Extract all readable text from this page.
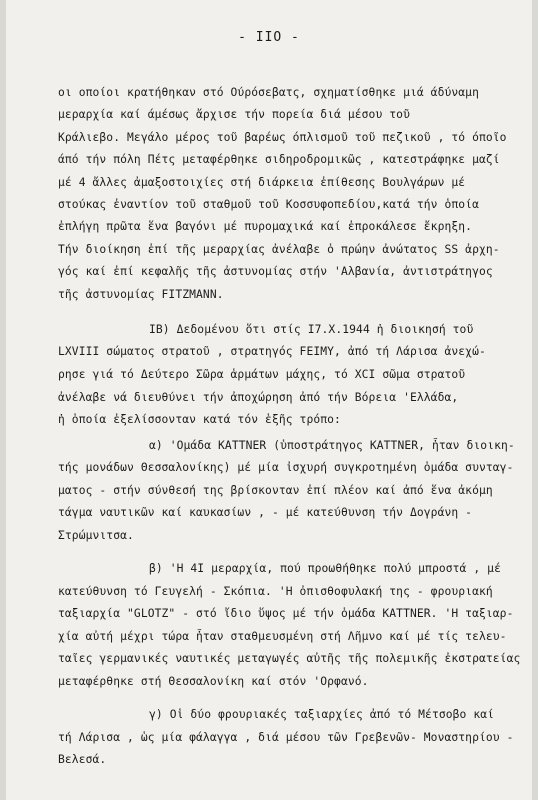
- IIO -
οι οποίοι κρατήθηκαν στό Ούρόσεβατς, σχηματίσθηκε μιά άδύναμη
μεραρχία καί άμέσως ἄρχισε τήν πορεία διά μέσου τοῦ
Κράλιεβο. Μεγάλο μέρος τοῦ βαρέως όπλισμοῦ τοῦ πεζικοῦ , τό όποῖο
άπό τήν πόλη Πέτς μεταφέρθηκε σιδηροδρομικῶς , κατεστράφηκε μαζί
μέ 4 ἄλλες ἀμαξοστοιχίες στή διάρκεια ἐπίθεσης Βουλγάρων μέ
στούκας ἐναντίον τοῦ σταθμοῦ τοῦ Κοσσυφοπεδίου,κατά τήν ὁποία
ἐπλήγη πρῶτα ἕνα βαγόνι μέ πυρομαχικά καί ἐπροκάλεσε ἔκρηξη.
Τήν διοίκηση ἐπί τῆς μεραρχίας ἀνέλαβε ὁ πρώην ἀνώτατος SS ἀρχη-
γός καί ἐπί κεφαλῆς τῆς ἀστυνομίας στήν 'Αλβανία, ἀντιστράτηγος
τῆς ἀστυνομίας FITZMANN.
IB) Δεδομένου ὅτι στίς I7.X.1944 ἡ διοικησή τοῦ
LXVIII σώματος στρατοῦ , στρατηγός FEIMY, ἀπό τή Λάρισα ἀνεχώ-
ρησε γιά τό Δεύτερο Σῶρα ἁρμάτων μάχης, τό XCI σῶμα στρατοῦ
ἀνέλαβε νά διευθύνει τήν ἀποχώρηση ἀπό τήν Βόρεια 'Ελλάδα,
ἡ ὁποία ἐξελίσσονταν κατά τόν ἑξῆς τρόπο:
α) 'Ομάδα KATTNER (ὑποστράτηγος KATTNER, ἦταν διοικη-
τής μονάδων Θεσσαλονίκης) μέ μία ἰσχυρή συγκροτημένη ὁμάδα συνταγ-
ματος - στήν σύνθεσή της βρίσκονταν ἐπί πλέον καί ἀπό ἕνα ἀκόμη
τάγμα ναυτικῶν καί καυκασίων , - μέ κατεύθυνση τήν Δογράνη -
Στρώμνιτσα.
β) 'Η 4I μεραρχία, πού προωθήθηκε πολύ μπροστά , μέ
κατεύθυνση τό Γευγελή - Σκόπια. 'Η ὀπισθοφυλακή της - φρουριακή
ταξιαρχία "GLOTZ" - στό ἴδιο ὕψος μέ τήν ὁμάδα KATTNER. 'Η ταξιαρ-
χία αὐτή μέχρι τώρα ἦταν σταθμευσμένη στή Λῆμνο καί μέ τίς τελευ-
ταῖες γερμανικές ναυτικές μεταγωγές αὐτῆς τῆς πολεμικῆς ἐκστρατείας
μεταφέρθηκε στή Θεσσαλονίκη καί στόν 'Ορφανό.
γ) Οἱ δύο φρουριακές ταξιαρχίες ἀπό τό Μέτσοβο καί
τή Λάρισα , ὡς μία φάλαγγα , διά μέσου τῶν Γρεβενῶν- Μοναστηρίου -
Βελεσά.
